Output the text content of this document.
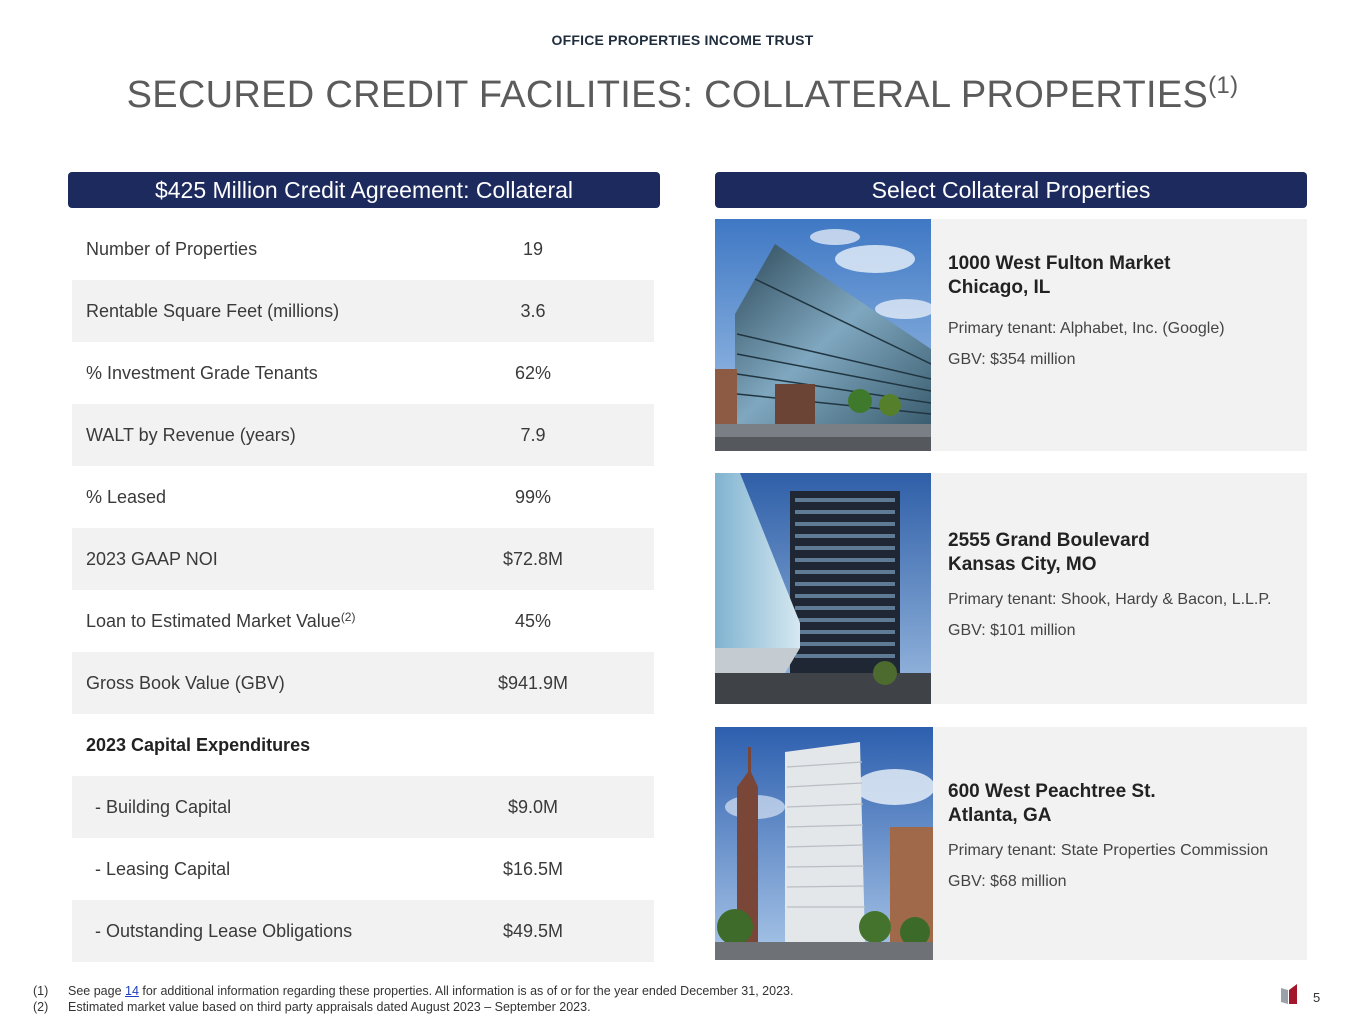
OFFICE PROPERTIES INCOME TRUST
SECURED CREDIT FACILITIES: COLLATERAL PROPERTIES$^{(1)}$
$425 Million Credit Agreement: Collateral	Select Collateral Properties
Number of Properties	19
Rentable Square Feet (millions)	3.6
% Investment Grade Tenants	62%
WALT by Revenue (years)	7.9
% Leased	99%
2023 GAAP NOI	$72.8M
Loan to Estimated Market Value$^{(2)}$	45%
Gross Book Value (GBV)	$941.9M
2023 Capital Expenditures
- Building Capital	$9.0M
- Leasing Capital	$16.5M
- Outstanding Lease Obligations	$49.5M
1000 West Fulton Market
Chicago, IL
Primary tenant: Alphabet, Inc. (Google)
GBV: $354 million
2555 Grand Boulevard
Kansas City, MO
Primary tenant: Shook, Hardy & Bacon, L.L.P.
GBV: $101 million
600 West Peachtree St.
Atlanta, GA
Primary tenant: State Properties Commission
GBV: $68 million
(1)	See page 14 for additional information regarding these properties. All information is as of or for the year ended December 31, 2023.
(2)	Estimated market value based on third party appraisals dated August 2023 – September 2023.
5
